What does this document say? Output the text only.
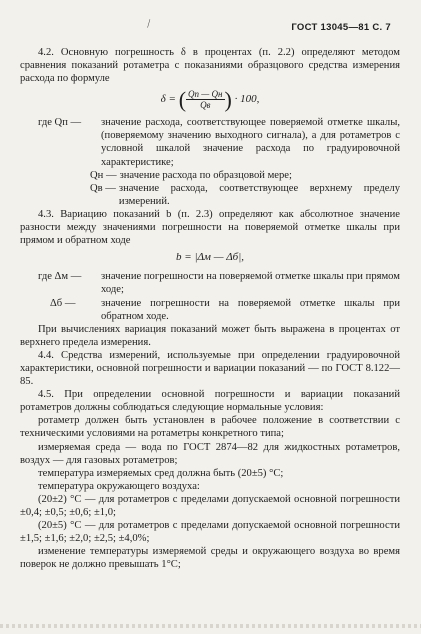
⁄	ГОСТ 13045—81 С. 7

4.2. Основную погрешность δ в процентах (п. 2.2) определяют методом сравнения показаний ротаметра с показаниями образцового средства измерения расхода по формуле

δ = ( $\frac{Qп — Qн}{Qв}$ ) · 100,
где Qп —	значение расхода, соответствующее поверяемой отметке шкалы, (поверяемому значению выходного сигнала), а для ротаметров с условной шкалой значение расхода по градуировочной характеристике;
Qн — значение расхода по образцовой мере;
Qв — значение расхода, соответствующее верхнему пределу измерений.

4.3. Вариацию показаний b (п. 2.3) определяют как абсолютное значение разности между значениями погрешности на поверяемой отметке шкалы при прямом и обратном ходе

b = |Δм — Δб|,
где Δм —	значение погрешности на поверяемой отметке шкалы при прямом ходе;
Δб —	значение погрешности на поверяемой отметке шкалы при обратном ходе.

При вычислениях вариация показаний может быть выражена в процентах от верхнего предела измерения.

4.4. Средства измерений, используемые при определении градуировочной характеристики, основной погрешности и вариации показаний — по ГОСТ 8.122—85.

4.5. При определении основной погрешности и вариации показаний ротаметров должны соблюдаться следующие нормальные условия:

ротаметр должен быть установлен в рабочее положение в соответствии с техническими условиями на ротаметры конкретного типа;

измеряемая среда — вода по ГОСТ 2874—82 для жидкостных ротаметров, воздух — для газовых ротаметров;

температура измеряемых сред должна быть (20±5) °С;

температура окружающего воздуха:

(20±2) °С — для ротаметров с пределами допускаемой основной погрешности ±0,4; ±0,5; ±0,6; ±1,0;

(20±5) °С — для ротаметров с пределами допускаемой основной погрешности ±1,5; ±1,6; ±2,0; ±2,5; ±4,0%;

изменение температуры измеряемой среды и окружающего воздуха во время поверок не должно превышать 1°С;
